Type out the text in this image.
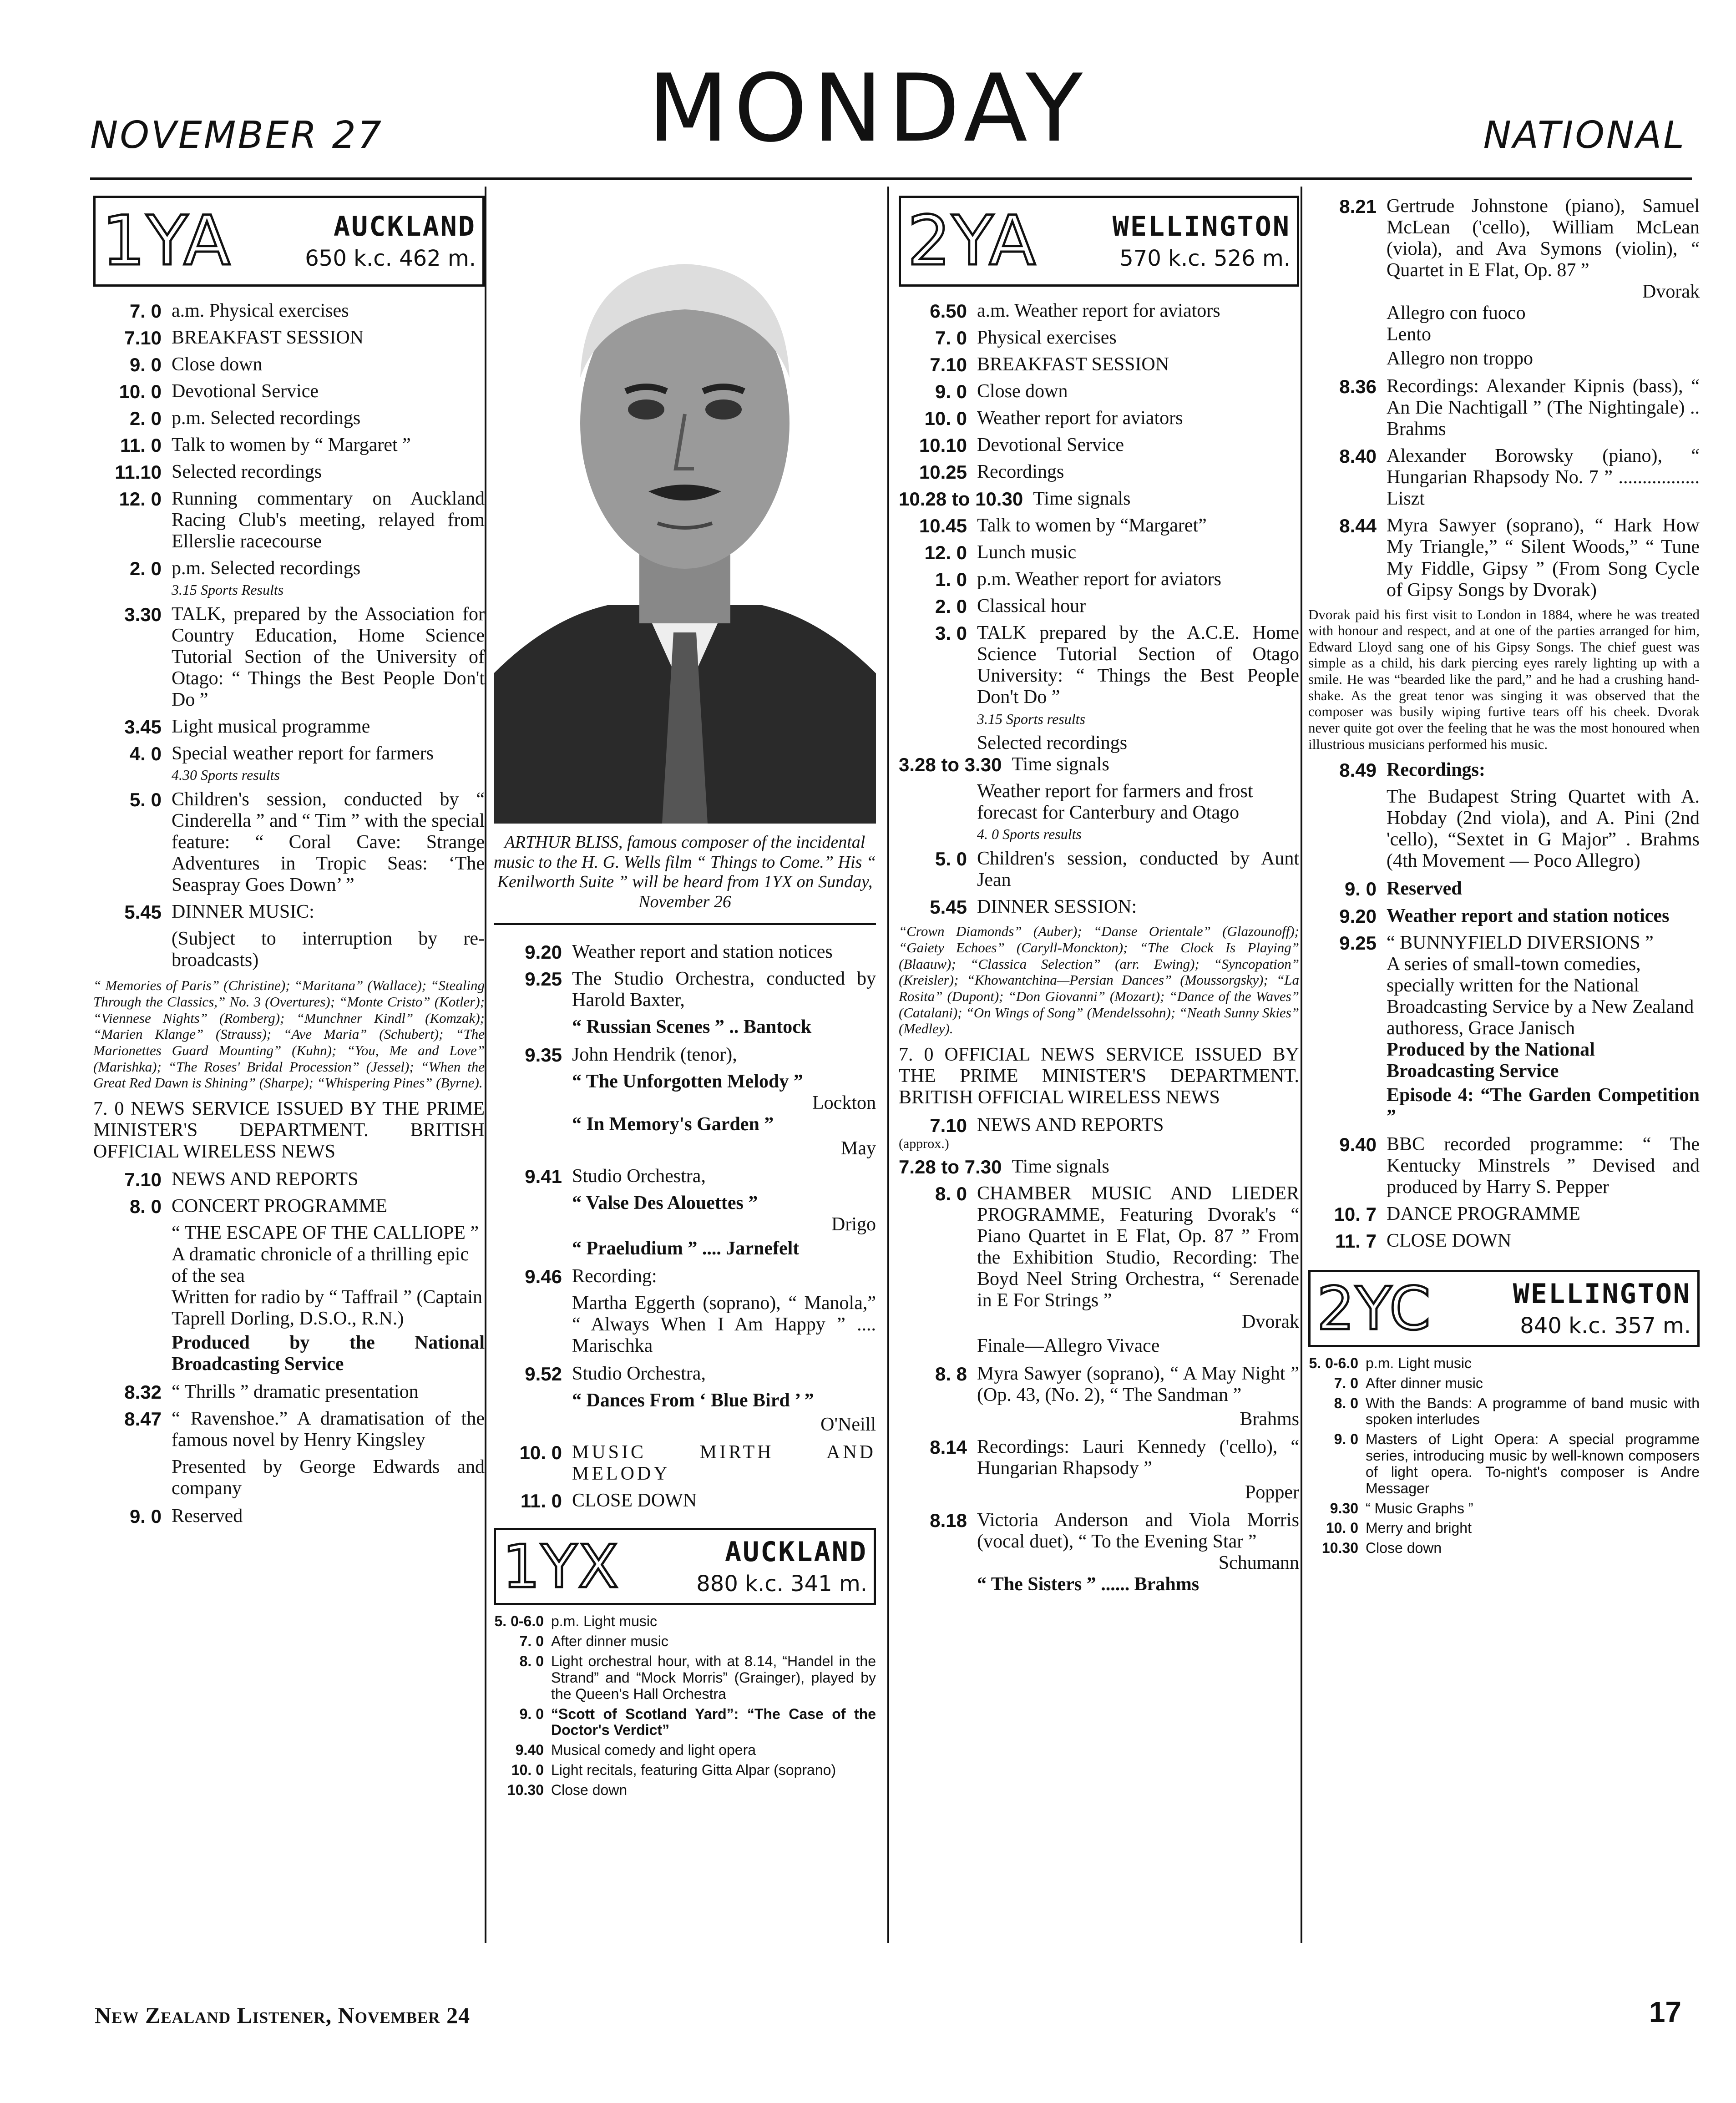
NOVEMBER 27	MONDAY	NATIONAL
1YA	AUCKLAND
650 k.c. 462 m.
7. 0 a.m. Physical exercises
7.10 BREAKFAST SESSION
9. 0 Close down
10. 0 Devotional Service
2. 0 p.m. Selected recordings
11. 0 Talk to women by “ Margaret ”
11.10 Selected recordings
12. 0 Running commentary on Auckland Racing Club's meeting, relayed from Ellerslie racecourse
2. 0 p.m. Selected recordings
3.15 Sports Results
3.30 TALK, prepared by the Association for Country Education, Home Science Tutorial Section of the University of Otago: “ Things the Best People Don't Do ”
3.45 Light musical programme
4. 0 Special weather report for farmers
4.30 Sports results
5. 0 Children's session, conducted by “ Cinderella ” and “ Tim ” with the special feature: “ Coral Cave: Strange Adventures in Tropic Seas: ‘The Seaspray Goes Down’ ”
5.45 DINNER MUSIC:
(Subject to interruption by re-broadcasts)
“ Memories of Paris” (Christine); “Maritana” (Wallace); “Stealing Through the Classics,” No. 3 (Overtures); “Monte Cristo” (Kotler); “Viennese Nights” (Romberg); “Munchner Kindl” (Komzak); “Marien Klange” (Strauss); “Ave Maria” (Schubert); “The Marionettes Guard Mounting” (Kuhn); “You, Me and Love” (Marishka); “The Roses' Bridal Procession” (Jessel); “When the Great Red Dawn is Shining” (Sharpe); “Whispering Pines” (Byrne).
7. 0 NEWS SERVICE ISSUED BY THE PRIME MINISTER'S DEPARTMENT. BRITISH OFFICIAL WIRELESS NEWS
7.10 NEWS AND REPORTS
8. 0 CONCERT PROGRAMME
“ THE ESCAPE OF THE CALLIOPE ”
A dramatic chronicle of a thrilling epic of the sea
Written for radio by “ Taffrail ” (Captain Taprell Dorling, D.S.O., R.N.)
Produced by the National Broadcasting Service
8.32 “ Thrills ” dramatic presentation
8.47 “ Ravenshoe.” A dramatisation of the famous novel by Henry Kingsley
Presented by George Edwards and company
9. 0 Reserved
ARTHUR BLISS, famous composer of the incidental music to the H. G. Wells film “ Things to Come.” His “ Kenilworth Suite ” will be heard from 1YX on Sunday, November 26
9.20 Weather report and station notices
9.25 The Studio Orchestra, conducted by Harold Baxter,
“ Russian Scenes ” .. Bantock
9.35 John Hendrik (tenor),
“ The Unforgotten Melody ”
Lockton
“ In Memory's Garden ”
May
9.41 Studio Orchestra,
“ Valse Des Alouettes ”
Drigo
“ Praeludium ” .... Jarnefelt
9.46 Recording:
Martha Eggerth (soprano), “ Manola,” “ Always When I Am Happy ” .... Marischka
9.52 Studio Orchestra,
“ Dances From ‘ Blue Bird ’ ”
O'Neill
10. 0 MUSIC MIRTH AND MELODY
11. 0 CLOSE DOWN
1YX	AUCKLAND
880 k.c. 341 m.
5. 0-6.0 p.m. Light music
7. 0 After dinner music
8. 0 Light orchestral hour, with at 8.14, “Handel in the Strand” and “Mock Morris” (Grainger), played by the Queen's Hall Orchestra
9. 0 “Scott of Scotland Yard”: “The Case of the Doctor's Verdict”
9.40 Musical comedy and light opera
10. 0 Light recitals, featuring Gitta Alpar (soprano)
10.30 Close down
2YA	WELLINGTON
570 k.c. 526 m.
6.50 a.m. Weather report for aviators
7. 0 Physical exercises
7.10 BREAKFAST SESSION
9. 0 Close down
10. 0 Weather report for aviators
10.10 Devotional Service
10.25 Recordings
10.28 to 10.30 Time signals
10.45 Talk to women by “Margaret”
12. 0 Lunch music
1. 0 p.m. Weather report for aviators
2. 0 Classical hour
3. 0 TALK prepared by the A.C.E. Home Science Tutorial Section of Otago University: “ Things the Best People Don't Do ”
3.15 Sports results
Selected recordings
3.28 to 3.30 Time signals
Weather report for farmers and frost forecast for Canterbury and Otago
4. 0 Sports results
5. 0 Children's session, conducted by Aunt Jean
5.45 DINNER SESSION:
“Crown Diamonds” (Auber); “Danse Orientale” (Glazounoff); “Gaiety Echoes” (Caryll-Monckton); “The Clock Is Playing” (Blaauw); “Classica Selection” (arr. Ewing); “Syncopation” (Kreisler); “Khowantchina—Persian Dances” (Moussorgsky); “La Rosita” (Dupont); “Don Giovanni” (Mozart); “Dance of the Waves” (Catalani); “On Wings of Song” (Mendelssohn); “Neath Sunny Skies” (Medley).
7. 0 OFFICIAL NEWS SERVICE ISSUED BY THE PRIME MINISTER'S DEPARTMENT. BRITISH OFFICIAL WIRELESS NEWS
7.10 NEWS AND REPORTS
(approx.)
7.28 to 7.30 Time signals
8. 0 CHAMBER MUSIC AND LIEDER PROGRAMME, Featuring Dvorak's “ Piano Quartet in E Flat, Op. 87 ” From the Exhibition Studio, Recording: The Boyd Neel String Orchestra, “ Serenade in E For Strings ”
Dvorak
Finale—Allegro Vivace
8. 8 Myra Sawyer (soprano), “ A May Night ” (Op. 43, (No. 2), “ The Sandman ”
Brahms
8.14 Recordings: Lauri Kennedy ('cello), “ Hungarian Rhapsody ”
Popper
8.18 Victoria Anderson and Viola Morris (vocal duet), “ To the Evening Star ”
Schumann
“ The Sisters ” ...... Brahms
8.21 Gertrude Johnstone (piano), Samuel McLean ('cello), William McLean (viola), and Ava Symons (violin), “ Quartet in E Flat, Op. 87 ”
Dvorak
Allegro con fuoco
Lento
Allegro non troppo
8.36 Recordings: Alexander Kipnis (bass), “ An Die Nachtigall ” (The Nightingale) .. Brahms
8.40 Alexander Borowsky (piano), “ Hungarian Rhapsody No. 7 ” ................. Liszt
8.44 Myra Sawyer (soprano), “ Hark How My Triangle,” “ Silent Woods,” “ Tune My Fiddle, Gipsy ” (From Song Cycle of Gipsy Songs by Dvorak)
Dvorak paid his first visit to London in 1884, where he was treated with honour and respect, and at one of the parties arranged for him, Edward Lloyd sang one of his Gipsy Songs. The chief guest was simple as a child, his dark piercing eyes rarely lighting up with a smile. He was “bearded like the pard,” and he had a crushing hand-shake. As the great tenor was singing it was observed that the composer was busily wiping furtive tears off his cheek. Dvorak never quite got over the feeling that he was the most honoured when illustrious musicians performed his music.
8.49 Recordings:
The Budapest String Quartet with A. Hobday (2nd viola), and A. Pini (2nd 'cello), “Sextet in G Major” . Brahms (4th Movement — Poco Allegro)
9. 0 Reserved
9.20 Weather report and station notices
9.25 “ BUNNYFIELD DIVERSIONS ”
A series of small-town comedies, specially written for the National Broadcasting Service by a New Zealand authoress, Grace Janisch
Produced by the National Broadcasting Service
Episode 4: “The Garden Competition ”
9.40 BBC recorded programme: “ The Kentucky Minstrels ” Devised and produced by Harry S. Pepper
10. 7 DANCE PROGRAMME
11. 7 CLOSE DOWN
2YC	WELLINGTON
840 k.c. 357 m.
5. 0-6.0 p.m. Light music
7. 0 After dinner music
8. 0 With the Bands: A programme of band music with spoken interludes
9. 0 Masters of Light Opera: A special programme series, introducing music by well-known composers of light opera. To-night's composer is Andre Messager
9.30 “ Music Graphs ”
10. 0 Merry and bright
10.30 Close down
New Zealand Listener, November 24	17
